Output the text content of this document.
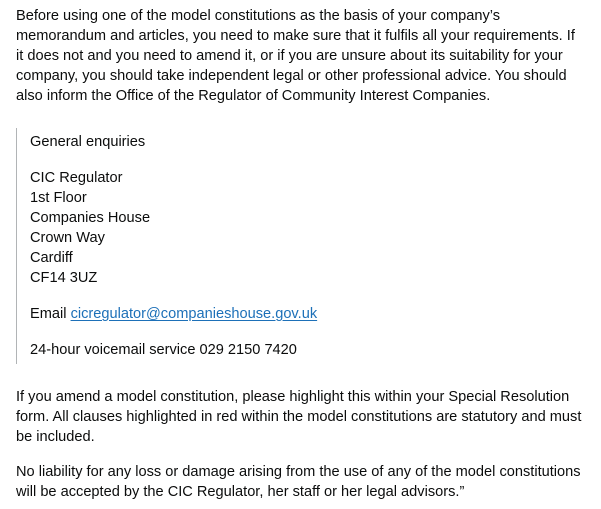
Before using one of the model constitutions as the basis of your company’s memorandum and articles, you need to make sure that it fulfils all your requirements. If it does not and you need to amend it, or if you are unsure about its suitability for your company, you should take independent legal or other professional advice. You should also inform the Office of the Regulator of Community Interest Companies.

General enquiries

CIC Regulator
1st Floor
Companies House
Crown Way
Cardiff
CF14 3UZ

Email cicregulator@companieshouse.gov.uk

24-hour voicemail service 029 2150 7420

If you amend a model constitution, please highlight this within your Special Resolution form. All clauses highlighted in red within the model constitutions are statutory and must be included.

No liability for any loss or damage arising from the use of any of the model constitutions will be accepted by the CIC Regulator, her staff or her legal advisors.”
